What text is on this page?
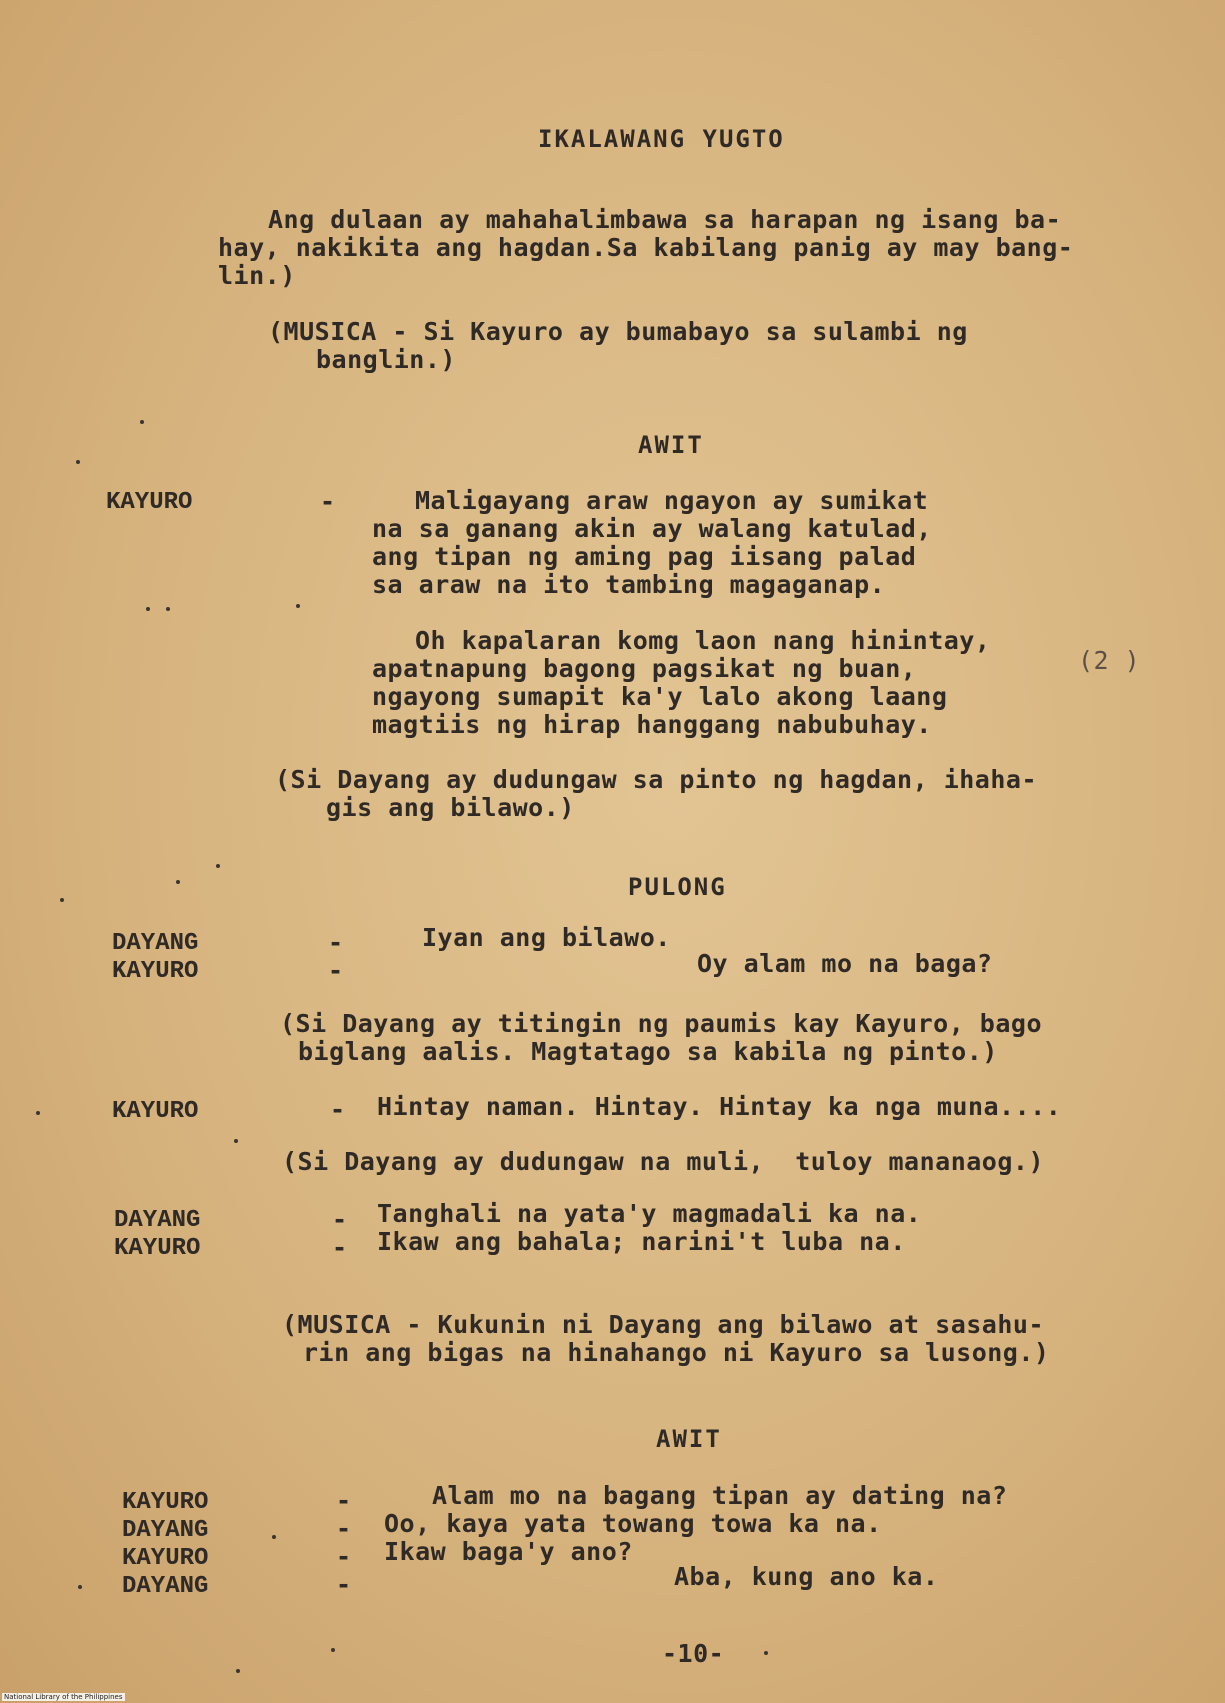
IKALAWANG YUGTO
Ang dulaan ay mahahalimbawa sa harapan ng isang ba-
hay, nakikita ang hagdan.Sa kabilang panig ay may bang-
lin.)
(MUSICA - Si Kayuro ay bumabayo sa sulambi ng
banglin.)
AWIT
KAYURO	-	Maligayang araw ngayon ay sumikat
na sa ganang akin ay walang katulad,
ang tipan ng aming pag iisang palad
sa araw na ito tambing magaganap.
Oh kapalaran komg laon nang hinintay,
apatnapung bagong pagsikat ng buan,
ngayong sumapit ka'y lalo akong laang
magtiis ng hirap hanggang nabubuhay.
(2 )
(Si Dayang ay dudungaw sa pinto ng hagdan, ihaha-
gis ang bilawo.)
PULONG
DAYANG	-	Iyan ang bilawo.
KAYURO	-	Oy alam mo na baga?
(Si Dayang ay titingin ng paumis kay Kayuro, bago
biglang aalis. Magtatago sa kabila ng pinto.)
KAYURO	- Hintay naman. Hintay. Hintay ka nga muna....
(Si Dayang ay dudungaw na muli,  tuloy mananaog.)
DAYANG	- Tanghali na yata'y magmadali ka na.
KAYURO	- Ikaw ang bahala; narini't luba na.
(MUSICA - Kukunin ni Dayang ang bilawo at sasahu-
rin ang bigas na hinahango ni Kayuro sa lusong.)
AWIT
KAYURO	-	Alam mo na bagang tipan ay dating na?
DAYANG	- Oo, kaya yata towang towa ka na.
KAYURO	- Ikaw baga'y ano?
DAYANG	-	Aba, kung ano ka.
-10-
National Library of the Philippines
